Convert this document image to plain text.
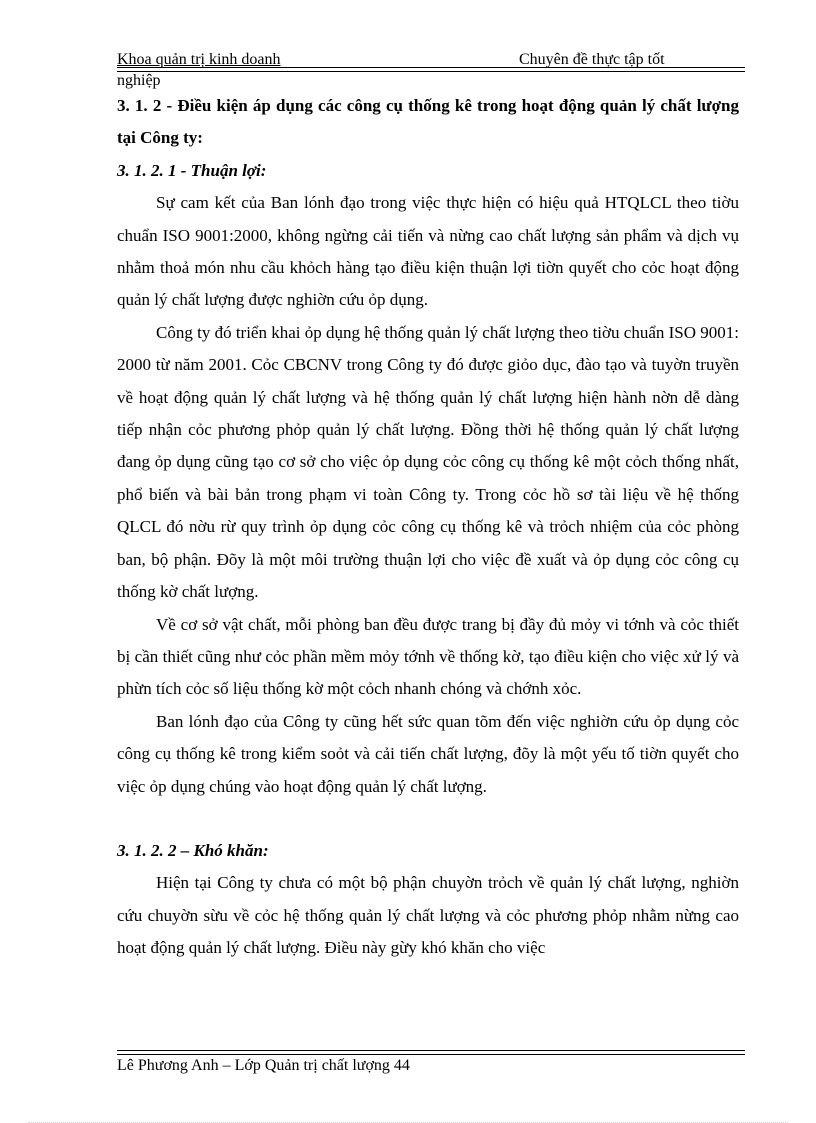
Khoa quản trị kinh doanh	Chuyên đề thực tập tốt
nghiệp

3. 1. 2 - Điều kiện áp dụng các công cụ thống kê trong hoạt động quản lý chất lượng tại Công ty:

3. 1. 2. 1 - Thuận lợi:

Sự cam kết của Ban lónh đạo trong việc thực hiện có hiệu quả HTQLCL theo tiờu chuẩn ISO 9001:2000, không ngừng cải tiến và nừng cao chất lượng sản phẩm và dịch vụ nhằm thoả món nhu cầu khỏch hàng tạo điều kiện thuận lợi tiờn quyết cho cỏc hoạt động quản lý chất lượng được nghiờn cứu ỏp dụng.

Công ty đó triển khai ỏp dụng hệ thống quản lý chất lượng theo tiờu chuẩn ISO 9001: 2000 từ năm 2001. Cỏc CBCNV trong Công ty đó được giỏo dục, đào tạo và tuyờn truyền về hoạt động quản lý chất lượng và hệ thống quản lý chất lượng hiện hành nờn dễ dàng tiếp nhận cỏc phương phỏp quản lý chất lượng. Đồng thời hệ thống quản lý chất lượng đang ỏp dụng cũng tạo cơ sở cho việc ỏp dụng cỏc công cụ thống kê một cỏch thống nhất, phổ biến và bài bản trong phạm vi toàn Công ty. Trong cỏc hồ sơ tài liệu về hệ thống QLCL đó nờu rừ quy trình ỏp dụng cỏc công cụ thống kê và trỏch nhiệm của cỏc phòng ban, bộ phận. Đõy là một môi trường thuận lợi cho việc đề xuất và ỏp dụng cỏc công cụ thống kờ chất lượng.

Về cơ sở vật chất, mỗi phòng ban đều được trang bị đầy đủ mỏy vi tớnh và cỏc thiết bị cần thiết cũng như cỏc phần mềm mỏy tớnh về thống kờ, tạo điều kiện cho việc xử lý và phừn tích cỏc số liệu thống kờ một cỏch nhanh chóng và chớnh xỏc.

Ban lónh đạo của Công ty cũng hết sức quan tõm đến việc nghiờn cứu ỏp dụng cỏc công cụ thống kê trong kiểm soỏt và cải tiến chất lượng, đõy là một yếu tố tiờn quyết cho việc ỏp dụng chúng vào hoạt động quản lý chất lượng.

3. 1. 2. 2 – Khó khăn:

Hiện tại Công ty chưa có một bộ phận chuyờn trỏch về quản lý chất lượng, nghiờn cứu chuyờn sừu về cỏc hệ thống quản lý chất lượng và cỏc phương phỏp nhằm nừng cao hoạt động quản lý chất lượng. Điều này gừy khó khăn cho việc

Lê Phương Anh – Lớp Quản trị chất lượng 44
